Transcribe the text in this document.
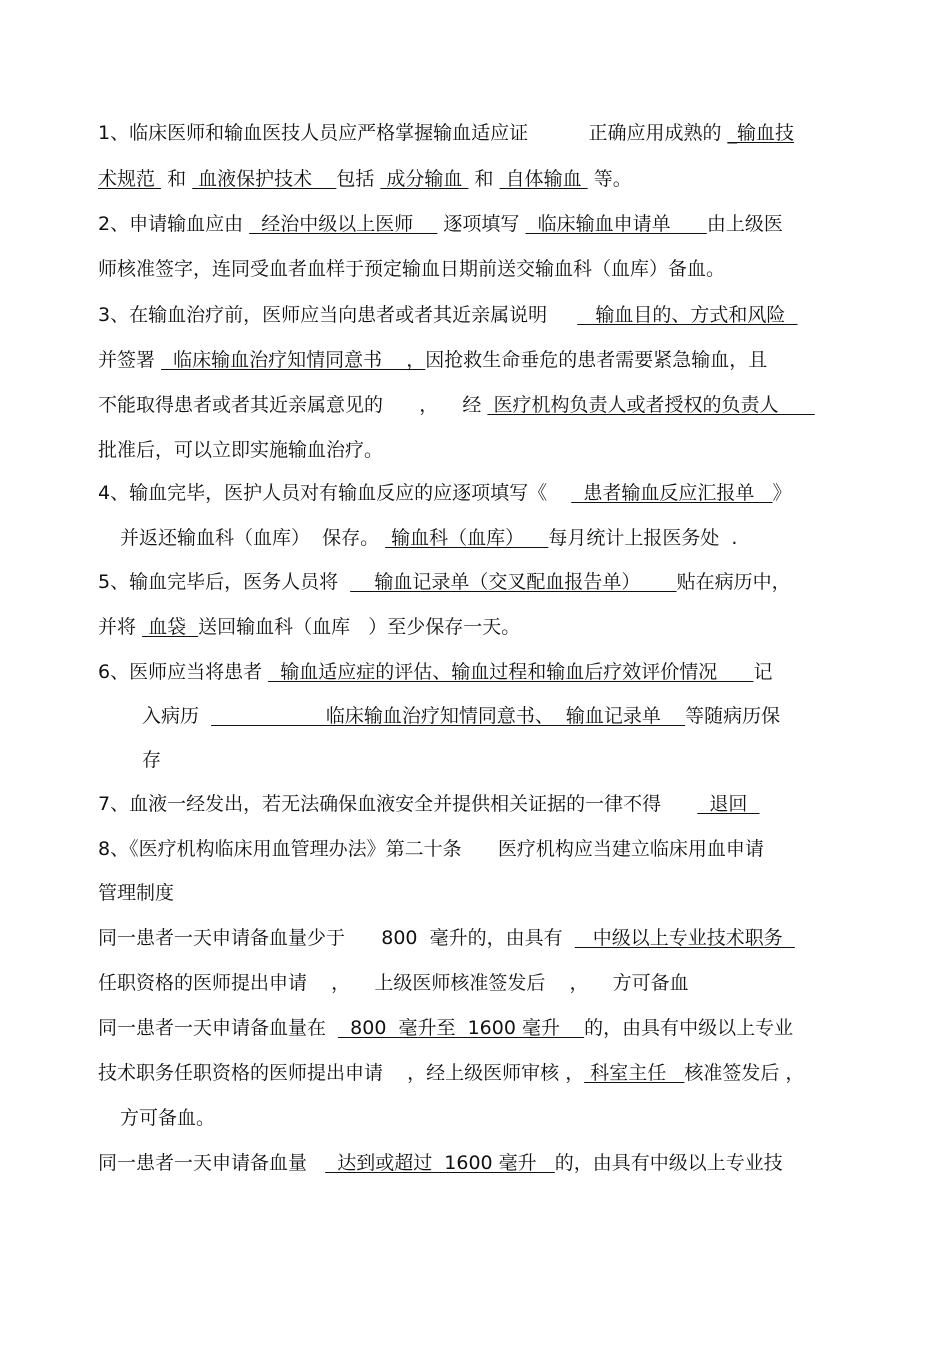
1、临床医师和输血医技人员应严格掌握输血适应证          正确应用成熟的 _输血技
术规范  和  血液保护技术    包括  成分输血  和  自体输血  等。
2、申请输血应由   经治中级以上医师     逐项填写   临床输血申请单      由上级医
师核准签字，连同受血者血样于预定输血日期前送交输血科（血库）备血。
3、在输血治疗前，医师应当向患者或者其近亲属说明        输血目的、方式和风险
并签署   临床输血治疗知情同意书    ，因抢救生命垂危的患者需要紧急输血，且
不能取得患者或者其近亲属意见的      ，    经  医疗机构负责人或者授权的负责人
批准后，可以立即实施输血治疗。
4、输血完毕，医护人员对有输血反应的应逐项填写《      患者输血反应汇报单   》
并返还输血科（血库）  保存。  输血科（血库）    每月统计上报医务处  .
5、输血完毕后，医务人员将      输血记录单（交叉配血报告单）      贴在病历中，
并将  血袋  送回输血科（血库   ）至少保存一天。
6、医师应当将患者   输血适应症的评估、输血过程和输血后疗效评价情况      记
入病历                     临床输血治疗知情同意书、  输血记录单    等随病历保
存
7、血液一经发出，若无法确保血液安全并提供相关证据的一律不得        退回
8、《医疗机构临床用血管理办法》第二十条      医疗机构应当建立临床用血申请
管理制度
同一患者一天申请备血量少于      800  毫升的，由具有     中级以上专业技术职务
任职资格的医师提出申请    ，    上级医师核准签发后    ，    方可备血
同一患者一天申请备血量在    800  毫升至  1600 毫升    的，由具有中级以上专业
技术职务任职资格的医师提出申请    ，经上级医师审核 ， 科室主任   核准签发后 ，
方可备血。
同一患者一天申请备血量     达到或超过  1600 毫升   的，由具有中级以上专业技
